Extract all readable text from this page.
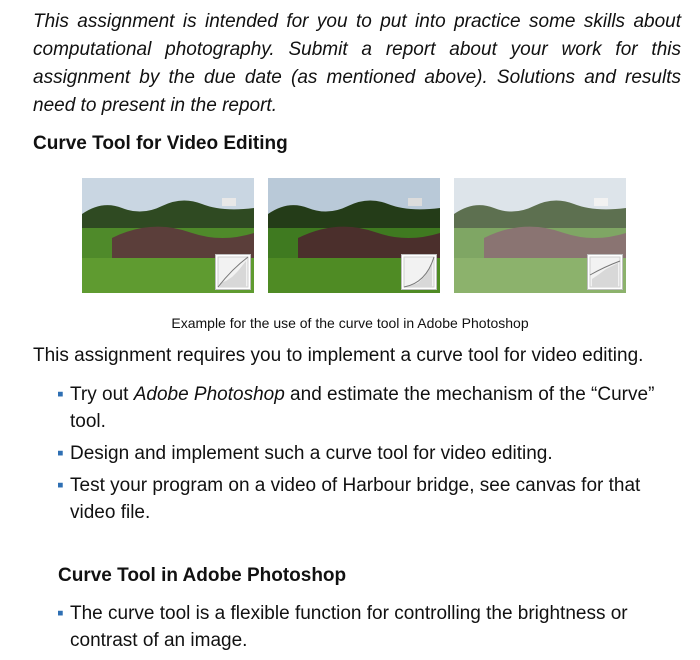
This assignment is intended for you to put into practice some skills about computational photography. Submit a report about your work for this assignment by the due date (as mentioned above). Solutions and results need to present in the report.

Curve Tool for Video Editing

Example for the use of the curve tool in Adobe Photoshop

This assignment requires you to implement a curve tool for video editing.

▪ Try out Adobe Photoshop and estimate the mechanism of the “Curve” tool.
▪ Design and implement such a curve tool for video editing.
▪ Test your program on a video of Harbour bridge, see canvas for that video file.
Curve Tool in Adobe Photoshop
▪ The curve tool is a flexible function for controlling the brightness or contrast of an image.
